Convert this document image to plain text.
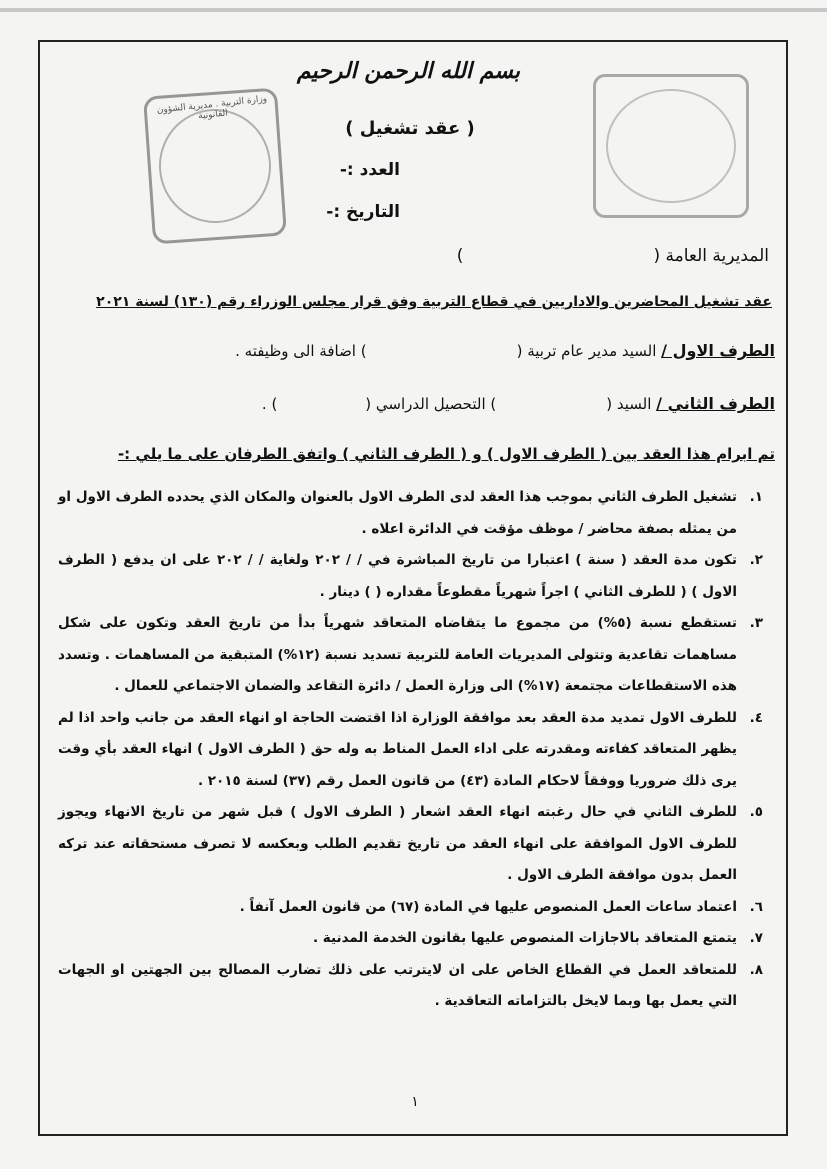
وزارة التربية . مديرية الشؤون القانونية
بسم الله الرحمن الرحيم
( عقد تشغيل )
العدد :-
التاريخ :-
المديرية العامة ()
عقد تشغيل المحاضرين والاداريين في قطاع التربية وفق قرار مجلس الوزراء رقم (١٣٠) لسنة ٢٠٢١
الطرف الاول / السيد مدير عام تربية () اضافة الى وظيفته .
الطرف الثاني / السيد () التحصيل الدراسي () .
تم ابرام هذا العقد بين ( الطرف الاول ) و ( الطرف الثاني ) واتفق الطرفان على ما يلي :-
١.
تشغيل الطرف الثاني بموجب هذا العقد لدى الطرف الاول بالعنوان والمكان الذي يحدده الطرف الاول او من يمثله بصفة محاضر / موظف مؤقت في الدائرة اعلاه .
٢.
تكون مدة العقد ( سنة ) اعتبارا من تاريخ المباشرة في / / ٢٠٢ ولغاية / / ٢٠٢ على ان يدفع ( الطرف الاول ) ( للطرف الثاني ) اجراً شهرياً مقطوعاً مقداره ( ) دينار .
٣.
تستقطع نسبة (٥%) من مجموع ما يتقاضاه المتعاقد شهرياً بدأ من تاريخ العقد وتكون على شكل مساهمات تقاعدية وتتولى المديريات العامة للتربية تسديد نسبة (١٢%) المتبقية من المساهمات . وتسدد هذه الاستقطاعات مجتمعة (١٧%) الى وزارة العمل / دائرة التقاعد والضمان الاجتماعي للعمال .
٤.
للطرف الاول تمديد مدة العقد بعد موافقة الوزارة اذا اقتضت الحاجة او انهاء العقد من جانب واحد اذا لم يظهر المتعاقد كفاءته ومقدرته على اداء العمل المناط به وله حق ( الطرف الاول ) انهاء العقد بأي وقت يرى ذلك ضروريا ووفقاً لاحكام المادة (٤٣) من قانون العمل رقم (٣٧) لسنة ٢٠١٥ .
٥.
للطرف الثاني في حال رغبته انهاء العقد اشعار ( الطرف الاول ) قبل شهر من تاريخ الانهاء ويجوز للطرف الاول الموافقة على انهاء العقد من تاريخ تقديم الطلب وبعكسه لا تصرف مستحقاته عند تركه العمل بدون موافقة الطرف الاول .
٦.
اعتماد ساعات العمل المنصوص عليها في المادة (٦٧) من قانون العمل آنفاً .
٧.
يتمتع المتعاقد بالاجازات المنصوص عليها بقانون الخدمة المدنية .
٨.
للمتعاقد العمل في القطاع الخاص على ان لايترتب على ذلك تضارب المصالح بين الجهتين او الجهات التي يعمل بها وبما لايخل بالتزاماته التعاقدية .
١
